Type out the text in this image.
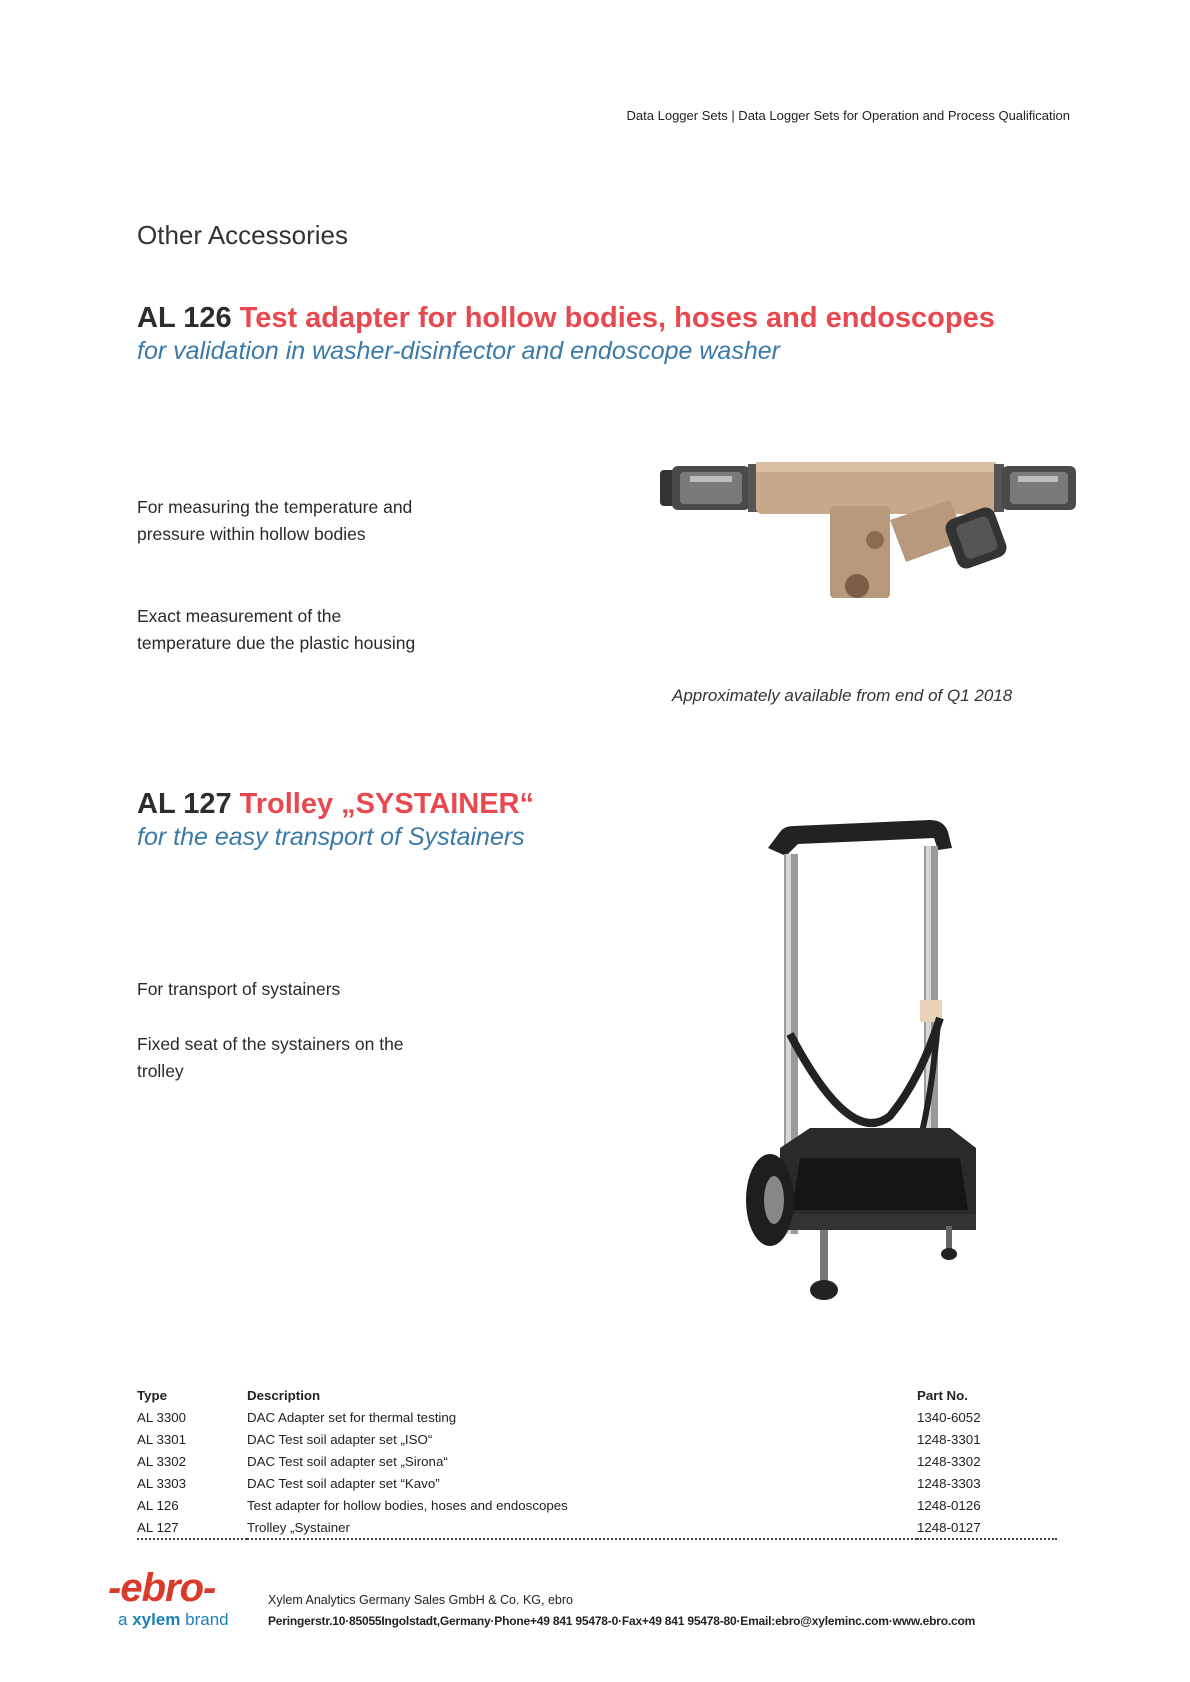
Data Logger Sets | Data Logger Sets for Operation and Process Qualification
Other Accessories
AL 126 Test adapter for hollow bodies, hoses and endoscopes

for validation in washer-disinfector and endoscope washer

For measuring the temperature and pressure within hollow bodies

Exact measurement of the temperature due the plastic housing

Approximately available from end of Q1 2018
AL 127 Trolley „SYSTAINER“

for the easy transport of Systainers

For transport of systainers

Fixed seat of the systainers on the trolley

Type	Description	Part No.
AL 3300	DAC Adapter set for thermal testing	1340-6052
AL 3301	DAC Test soil adapter set „ISO“	1248-3301
AL 3302	DAC Test soil adapter set „Sirona“	1248-3302
AL 3303	DAC Test soil adapter set “Kavo”	1248-3303
AL 126	Test adapter for hollow bodies, hoses and endoscopes	1248-0126
AL 127	Trolley „Systainer	1248-0127
-ebro-
a xylem brand
Xylem Analytics Germany Sales GmbH & Co. KG, ebro
Peringerstr.10·85055Ingolstadt,Germany·Phone+49 841 95478-0·Fax+49 841 95478-80·Email:ebro@xyleminc.com·www.ebro.com
